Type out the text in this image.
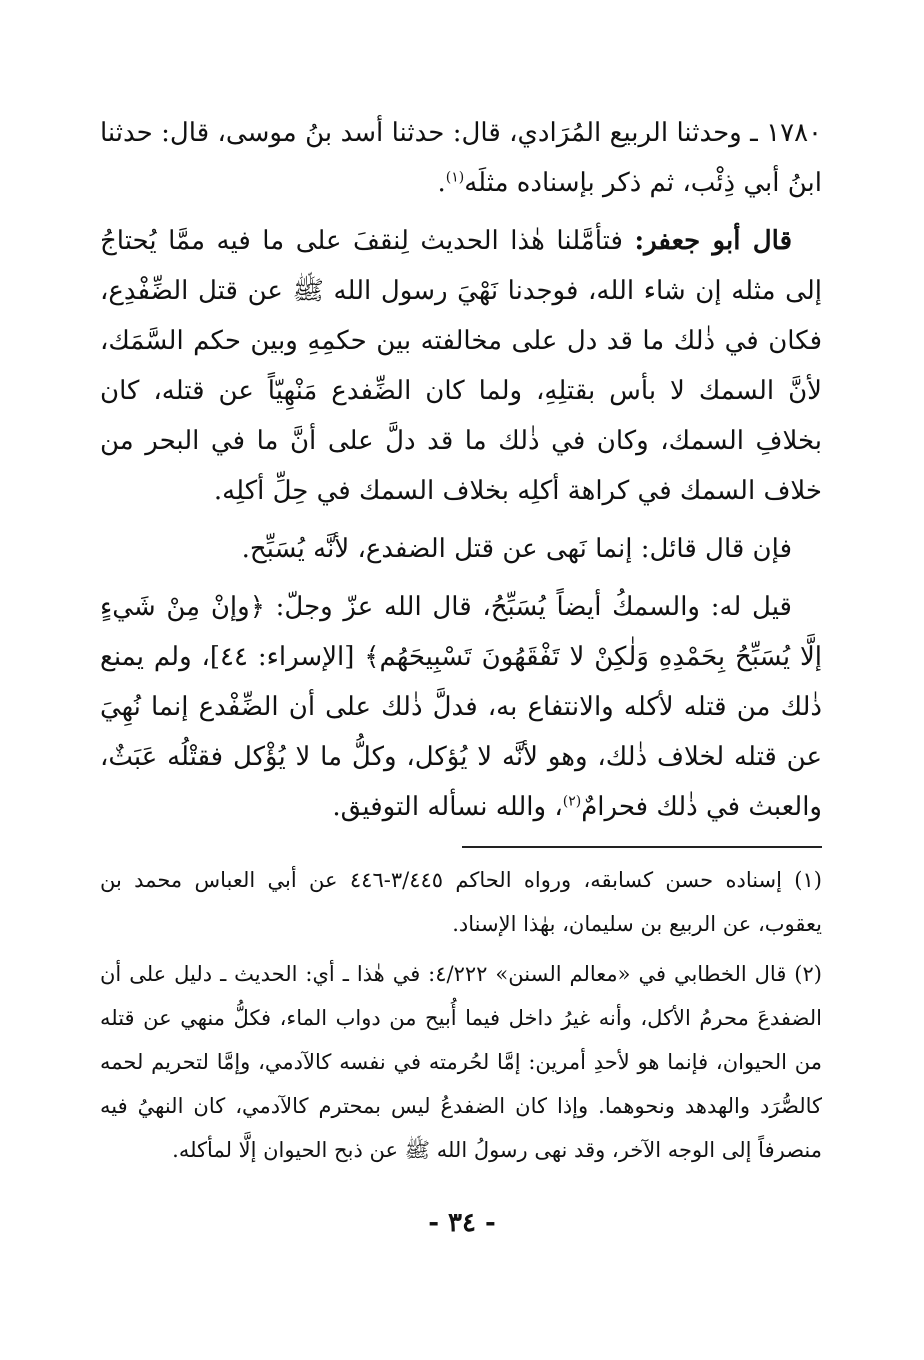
١٧٨٠ ـ وحدثنا الربيع المُرَادي، قال: حدثنا أسد بنُ موسى، قال: حدثنا ابنُ أبي ذِئْب، ثم ذكر بإسناده مثلَه$^{(١)}$.

قال أبو جعفر: فتأمَّلنا هٰذا الحديث لِنقفَ على ما فيه ممَّا يُحتاجُ إلى مثله إن شاء الله، فوجدنا نَهْيَ رسول الله ﷺ عن قتل الضِّفْدِع، فكان في ذٰلك ما قد دل على مخالفته بين حكمِهِ وبين حكم السَّمَك، لأنَّ السمك لا بأس بقتلِهِ، ولما كان الضِّفدع مَنْهِيّاً عن قتله، كان بخلافِ السمك، وكان في ذٰلك ما قد دلَّ على أنَّ ما في البحر من خلاف السمك في كراهة أكلِه بخلاف السمك في حِلِّ أكلِه.

فإن قال قائل: إنما نَهى عن قتل الضفدع، لأنَّه يُسَبِّح.

قيل له: والسمكُ أيضاً يُسَبِّحُ، قال الله عزّ وجلّ: ﴿وإنْ مِنْ شَيءٍ إلَّا يُسَبِّحُ بِحَمْدِهِ وَلٰكِنْ لا تَفْقَهُونَ تَسْبِيحَهُم﴾ [الإسراء: ٤٤]، ولم يمنع ذٰلك من قتله لأكله والانتفاع به، فدلَّ ذٰلك على أن الضِّفْدع إنما نُهِيَ عن قتله لخلاف ذٰلك، وهو لأنَّه لا يُؤكل، وكلُّ ما لا يُؤْكل فقتْلُه عَبَثٌ، والعبث في ذٰلك فحرامٌ$^{(٢)}$، والله نسأله التوفيق.

(١) إسناده حسن كسابقه، ورواه الحاكم ٣/٤٤٥-٤٤٦ عن أبي العباس محمد بن يعقوب، عن الربيع بن سليمان، بهٰذا الإسناد.

(٢) قال الخطابي في «معالم السنن» ٤/٢٢٢: في هٰذا ـ أي: الحديث ـ دليل على أن الضفدعَ محرمُ الأكل، وأنه غيرُ داخل فيما أُبيح من دواب الماء، فكلُّ منهي عن قتله من الحيوان، فإنما هو لأحدِ أمرين: إمَّا لحُرمته في نفسه كالآدمي، وإمَّا لتحريم لحمه كالصُّرَد والهدهد ونحوهما. وإذا كان الضفدعُ ليس بمحترم كالآدمي، كان النهيُ فيه منصرفاً إلى الوجه الآخر، وقد نهى رسولُ الله ﷺ عن ذبح الحيوان إلَّا لمأكله.

- ٣٤ -
